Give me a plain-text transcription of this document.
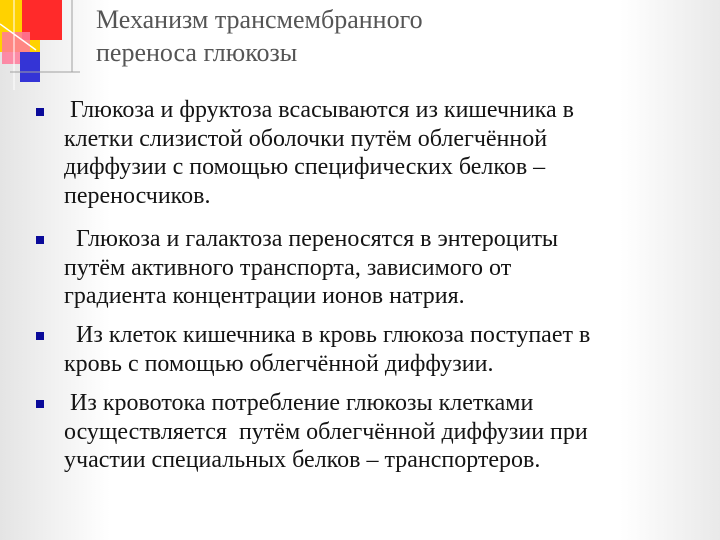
Механизм трансмембранного
переноса глюкозы
Глюкоза и фруктоза всасываются из кишечника в
клетки слизистой оболочки путём облегчённой
диффузии с помощью специфических белков –
переносчиков.
Глюкоза и галактоза переносятся в энтероциты
путём активного транспорта, зависимого от
градиента концентрации ионов натрия.
Из клеток кишечника в кровь глюкоза поступает в
кровь с помощью облегчённой диффузии.
Из кровотока потребление глюкозы клетками
осуществляется  путём облегчённой диффузии при
участии специальных белков – транспортеров.
